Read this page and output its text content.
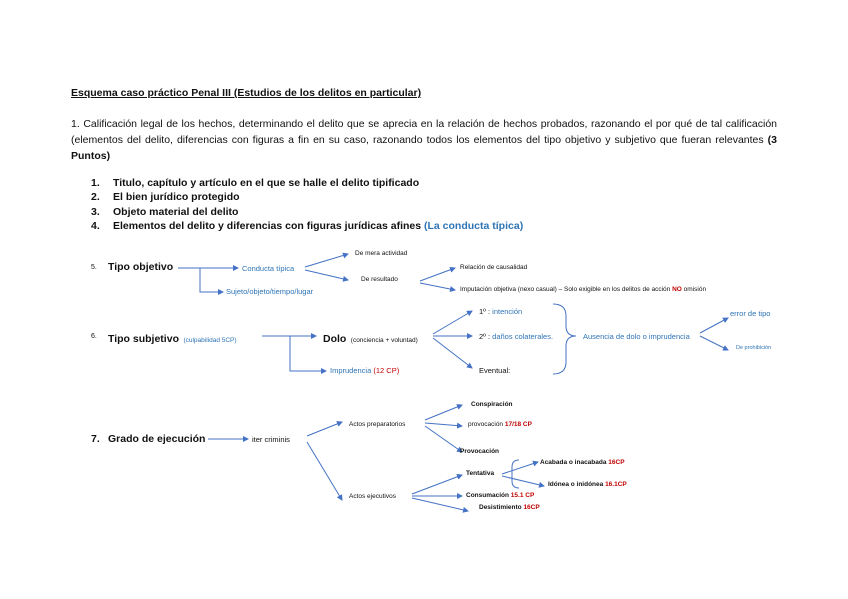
Esquema caso práctico Penal III (Estudios de los delitos en particular)
1. Calificación legal de los hechos, determinando el delito que se aprecia en la relación de hechos probados, razonando el por qué de tal calificación (elementos del delito, diferencias con figuras a fin en su caso, razonando todos los elementos del tipo objetivo y subjetivo que fueran relevantes (3 Puntos)
1. Titulo, capítulo y artículo en el que se halle el delito tipificado
2. El bien jurídico protegido
3. Objeto material del delito
4. Elementos del delito y diferencias con figuras jurídicas afines (La conducta típica)
5. Tipo objetivo	Conducta típica
Sujeto/objeto/tiempo/lugar
De mera actividad
De resultado
Relación de causalidad
Imputación objetiva (nexo casual) – Solo exigible en los delitos de acción NO omisión
6. Tipo subjetivo (culpabilidad 5CP)	Dolo (conciencia + voluntad)
Imprudencia (12 CP)
1º : intención
2º : daños colaterales.
Eventual:
Ausencia de dolo o imprudencia
error de tipo
De prohibición
7. Grado de ejecución	iter criminis
Actos preparatorios
Conspiración
provocación 17/18 CP
Provocación
Actos ejecutivos
Tentativa
Acabada o inacabada 16CP
Idónea o inidónea 16.1CP
Consumación 15.1 CP
Desistimiento 16CP
